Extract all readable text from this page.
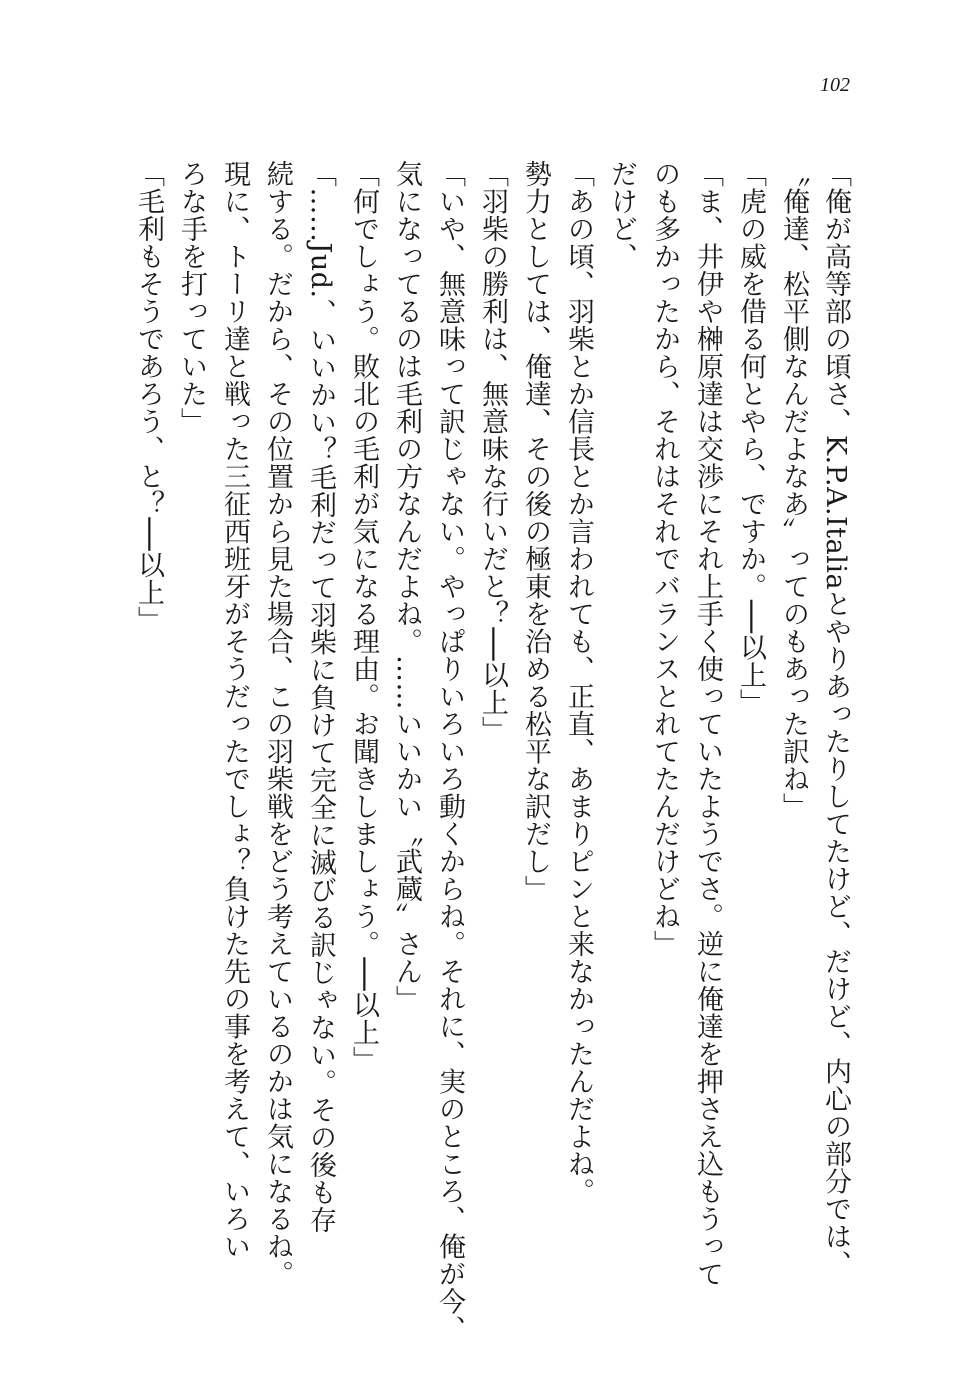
102
「俺が高等部の頃さ、K.P.A.Italiaとやりあったりしてたけど、だけど、内心の部分では、
〝俺達、松平側なんだよなあ〟ってのもあった訳ね」
「虎の威を借る何とやら、ですか。──以上」
「ま、井伊や榊原達は交渉にそれ上手く使っていたようでさ。逆に俺達を押さえ込もうって
のも多かったから、それはそれでバランスとれてたんだけどね」
だけど、
「あの頃、羽柴とか信長とか言われても、正直、あまりピンと来なかったんだよね。
勢力としては、俺達、その後の極東を治める松平な訳だし」
「羽柴の勝利は、無意味な行いだと？──以上」
「いや、無意味って訳じゃない。やっぱりいろいろ動くからね。それに、実のところ、俺が今、
気になってるのは毛利の方なんだよね。……いいかい〝武蔵〟さん」
「何でしょう。敗北の毛利が気になる理由。お聞きしましょう。──以上」
「……Jud.、いいかい？毛利だって羽柴に負けて完全に滅びる訳じゃない。その後も存
続する。だから、その位置から見た場合、この羽柴戦をどう考えているのかは気になるね。
現に、トーリ達と戦った三征西班牙がそうだったでしょ？負けた先の事を考えて、いろい
ろな手を打っていた」
「毛利もそうであろう、と？──以上」
